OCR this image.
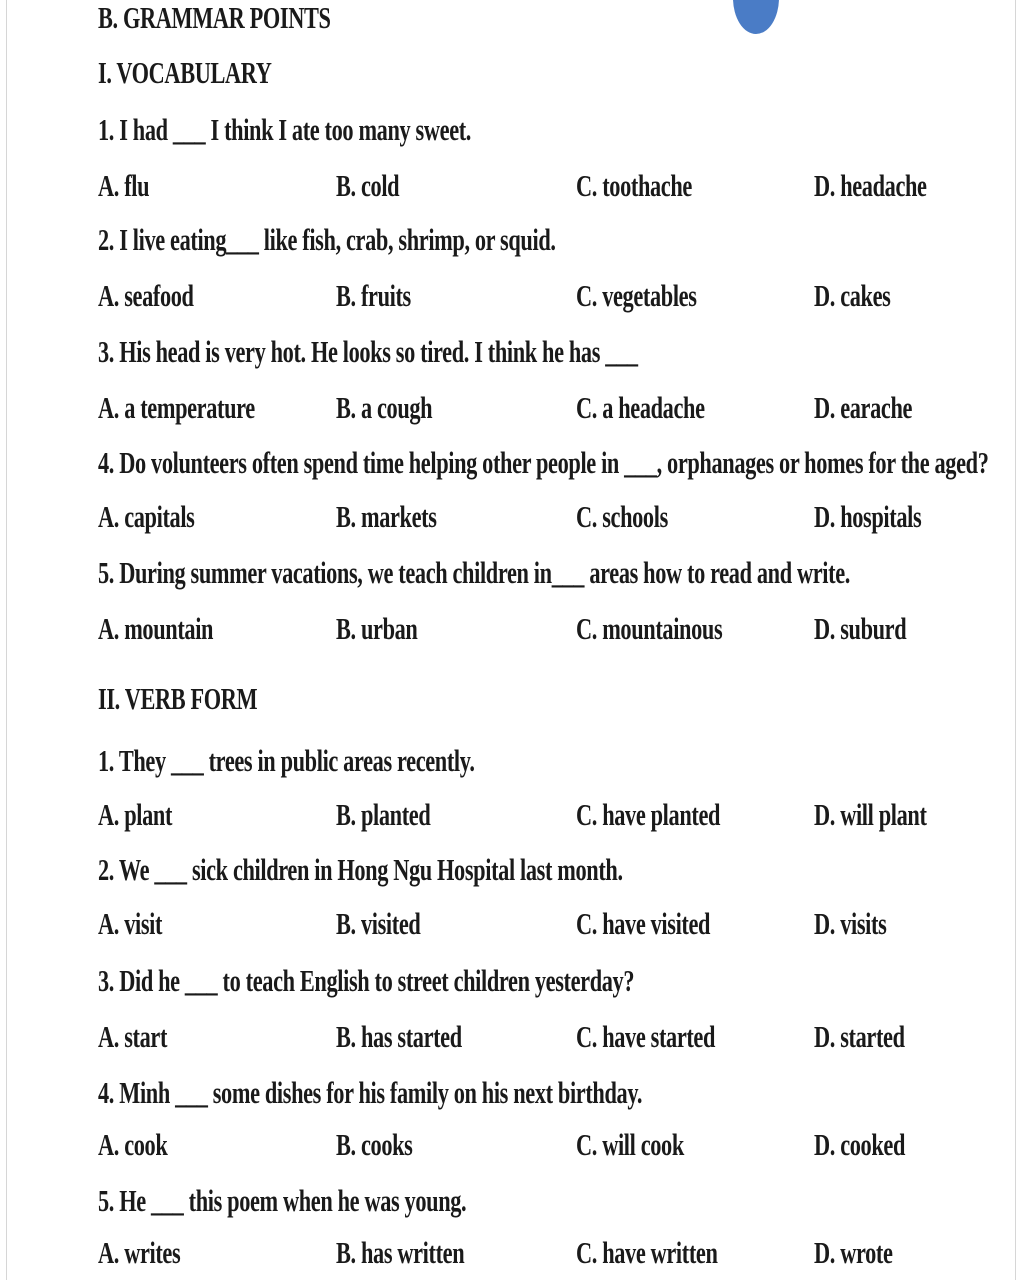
B. GRAMMAR POINTS
I. VOCABULARY
1. I had ___ I think I ate too many sweet.
A. flu	B. cold	C. toothache	D. headache
2. I live eating___ like fish, crab, shrimp, or squid.
A. seafood	B. fruits	C. vegetables	D. cakes
3. His head is very hot. He looks so tired. I think he has ___
A. a temperature	B. a cough	C. a headache	D. earache
4. Do volunteers often spend time helping other people in ___, orphanages or homes for the aged?
A. capitals	B. markets	C. schools	D. hospitals
5. During summer vacations, we teach children in___ areas how to read and write.
A. mountain	B. urban	C. mountainous	D. suburd
II. VERB FORM
1. They ___ trees in public areas recently.
A. plant	B. planted	C. have planted	D. will plant
2. We ___ sick children in Hong Ngu Hospital last month.
A. visit	B. visited	C. have visited	D. visits
3. Did he ___ to teach English to street children yesterday?
A. start	B. has started	C. have started	D. started
4. Minh ___ some dishes for his family on his next birthday.
A. cook	B. cooks	C. will cook	D. cooked
5. He ___ this poem when he was young.
A. writes	B. has written	C. have written	D. wrote
